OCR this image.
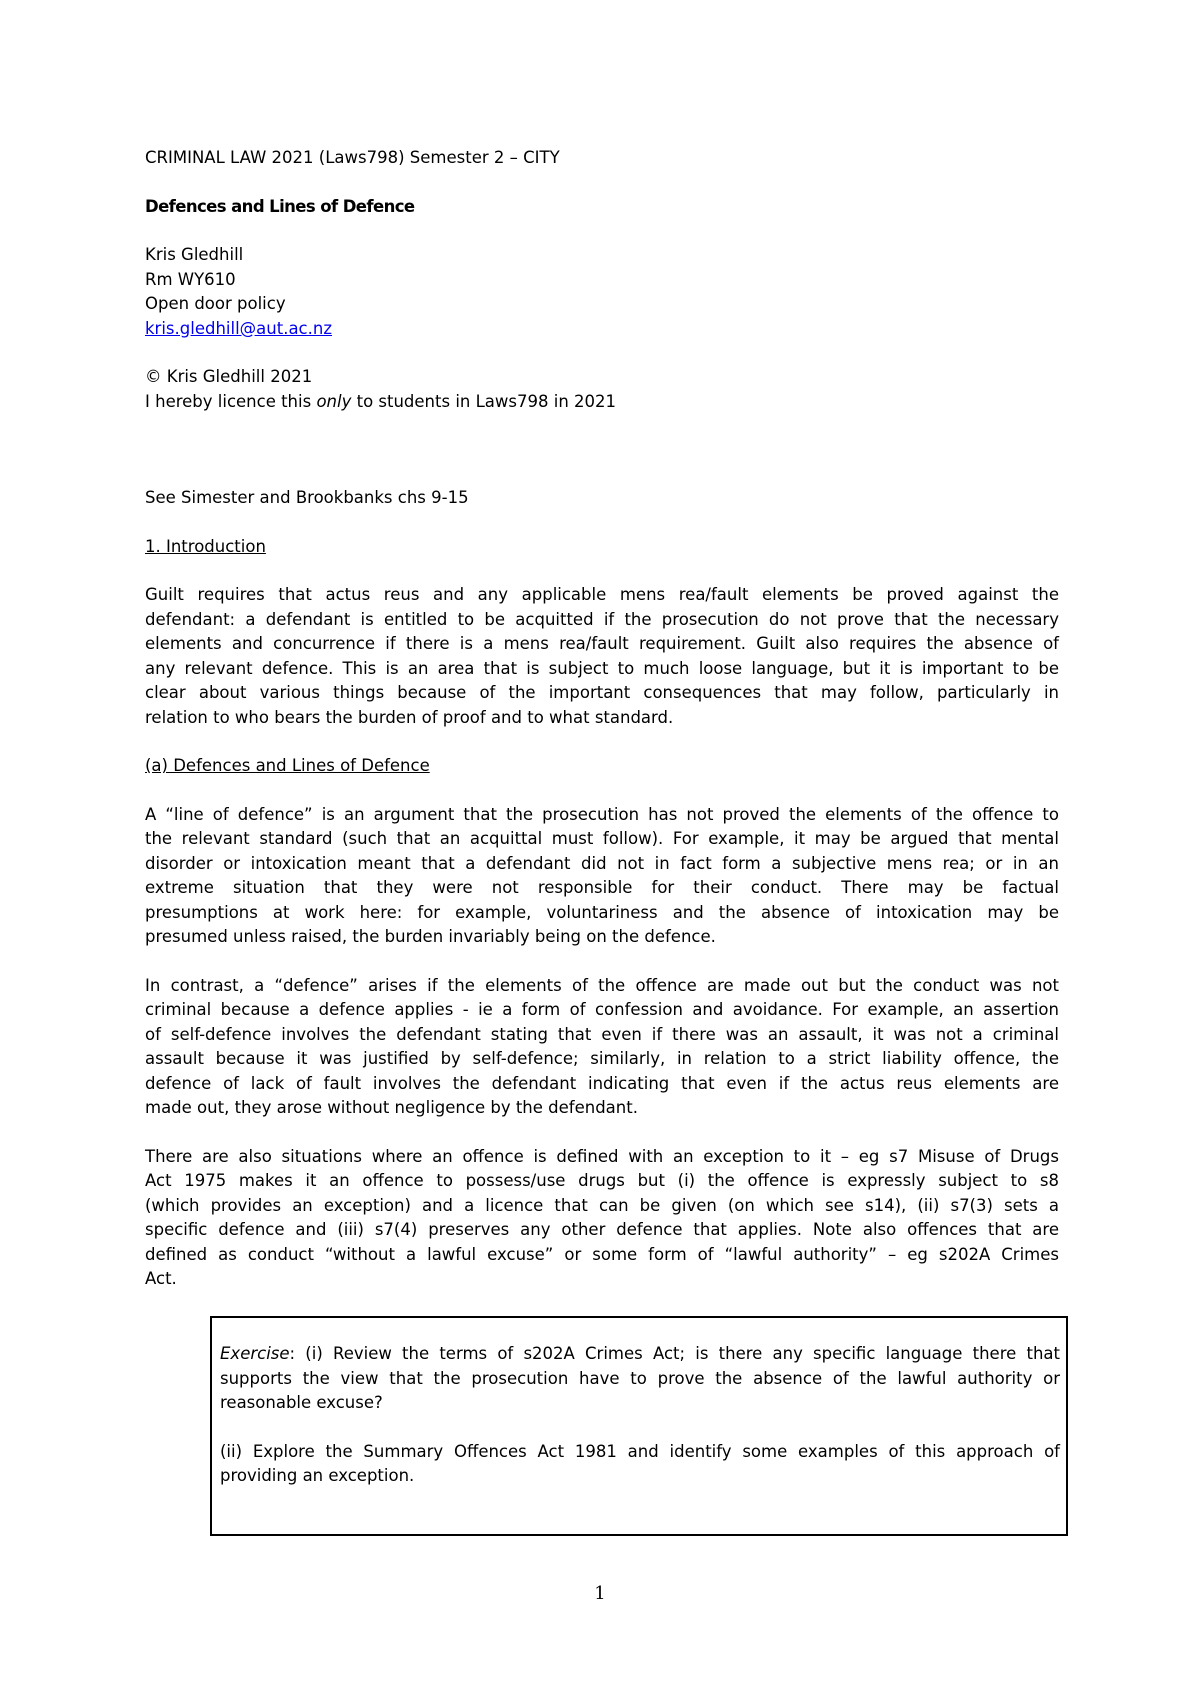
CRIMINAL LAW 2021 (Laws798) Semester 2 – CITY

Defences and Lines of Defence

Kris Gledhill

Rm WY610

Open door policy

kris.gledhill@aut.ac.nz

© Kris Gledhill 2021

I hereby licence this only to students in Laws798 in 2021

See Simester and Brookbanks chs 9-15

1. Introduction

Guilt requires that actus reus and any applicable mens rea/fault elements be proved against the
defendant: a defendant is entitled to be acquitted if the prosecution do not prove that the necessary
elements and concurrence if there is a mens rea/fault requirement. Guilt also requires the absence of
any relevant defence. This is an area that is subject to much loose language, but it is important to be
clear about various things because of the important consequences that may follow, particularly in
relation to who bears the burden of proof and to what standard.

(a) Defences and Lines of Defence

A “line of defence” is an argument that the prosecution has not proved the elements of the offence to
the relevant standard (such that an acquittal must follow). For example, it may be argued that mental
disorder or intoxication meant that a defendant did not in fact form a subjective mens rea; or in an
extreme situation that they were not responsible for their conduct. There may be factual
presumptions at work here: for example, voluntariness and the absence of intoxication may be
presumed unless raised, the burden invariably being on the defence.
In contrast, a “defence” arises if the elements of the offence are made out but the conduct was not
criminal because a defence applies - ie a form of confession and avoidance. For example, an assertion
of self-defence involves the defendant stating that even if there was an assault, it was not a criminal
assault because it was justified by self-defence; similarly, in relation to a strict liability offence, the
defence of lack of fault involves the defendant indicating that even if the actus reus elements are
made out, they arose without negligence by the defendant.
There are also situations where an offence is defined with an exception to it – eg s7 Misuse of Drugs
Act 1975 makes it an offence to possess/use drugs but (i) the offence is expressly subject to s8
(which provides an exception) and a licence that can be given (on which see s14), (ii) s7(3) sets a
specific defence and (iii) s7(4) preserves any other defence that applies. Note also offences that are
defined as conduct “without a lawful excuse” or some form of “lawful authority” – eg s202A Crimes
Act.
Exercise: (i) Review the terms of s202A Crimes Act; is there any specific language there that
supports the view that the prosecution have to prove the absence of the lawful authority or
reasonable excuse?
(ii) Explore the Summary Offences Act 1981 and identify some examples of this approach of
providing an exception.
1
